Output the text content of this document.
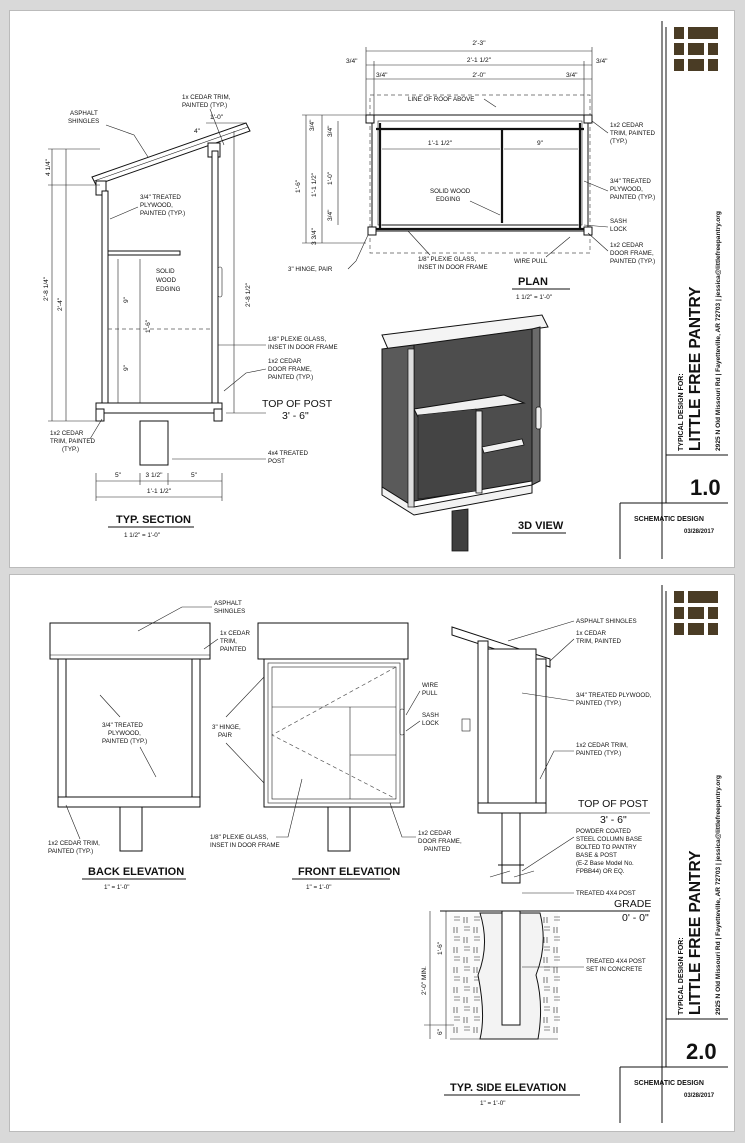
4 1/4"
2'-8 1/4"
2'-4"	9"
1'-6"
9"
2'-8 1/2"
5"	3 1/2"	5"
1'-1 1/2"
4"
1'-0"
1x CEDAR TRIM,
PAINTED (TYP.)
ASPHALT
SHINGLES
3/4" TREATED
PLYWOOD,
PAINTED (TYP.)
SOLID
WOOD
EDGING
1/8" PLEXIE GLASS,
INSET IN DOOR FRAME
1x2 CEDAR
DOOR FRAME,
PAINTED (TYP.)
1x2 CEDAR
TRIM, PAINTED
(TYP.)
4x4 TREATED
POST
TOP OF POST
3' - 6"
TYP. SECTION
1 1/2" = 1'-0"
2'-3"
3/4"	2'-1 1/2"	3/4"
3/4"	2'-0"	3/4"
LINE OF ROOF ABOVE
1'-1 1/2"	9"
3/4"
3/4"
1'-6" 1'-1 1/2" 1'-0"
3/4"
3 3/4"
SOLID WOOD
EDGING
1x2 CEDAR
TRIM, PAINTED
(TYP.)
3/4" TREATED
PLYWOOD,
PAINTED (TYP.)
SASH
LOCK
1x2 CEDAR
DOOR FRAME,
PAINTED (TYP.)
3" HINGE, PAIR
1/8" PLEXIE GLASS,
INSET IN DOOR FRAME
WIRE PULL
PLAN
1 1/2" = 1'-0"
3D VIEW
TYPICAL DESIGN FOR: LITTLE FREE PANTRY 2925 N Old Missouri Rd | Fayetteville, AR 72703 | jessica@littlefreepantry.org
1.0
SCHEMATIC DESIGN
03/28/2017
ASPHALT
SHINGLES
1x CEDAR
TRIM,
PAINTED
3/4" TREATED
PLYWOOD,
PAINTED (TYP.)
1x2 CEDAR TRIM,
PAINTED (TYP.)
BACK ELEVATION
1" = 1'-0"
3" HINGE,
PAIR
1/8" PLEXIE GLASS,
INSET IN DOOR FRAME
WIRE
PULL
SASH
LOCK
1x2 CEDAR
DOOR FRAME,
PAINTED
FRONT ELEVATION
1" = 1'-0"
2'-0" MIN.
1'-6"
6"
ASPHALT SHINGLES
1x CEDAR
TRIM, PAINTED
3/4" TREATED PLYWOOD,
PAINTED (TYP.)
1x2 CEDAR TRIM,
PAINTED (TYP.)
TOP OF POST
3' - 6"
POWDER COATED
STEEL COLUMN BASE
BOLTED TO PANTRY
BASE & POST
(E-Z Base Model No.
FPBB44) OR EQ.
TREATED 4X4 POST
GRADE
0' - 0"
TREATED 4X4 POST
SET IN CONCRETE
TYP. SIDE ELEVATION
1" = 1'-0"
TYPICAL DESIGN FOR: LITTLE FREE PANTRY 2925 N Old Missouri Rd | Fayetteville, AR 72703 | jessica@littlefreepantry.org
2.0
SCHEMATIC DESIGN
03/28/2017
